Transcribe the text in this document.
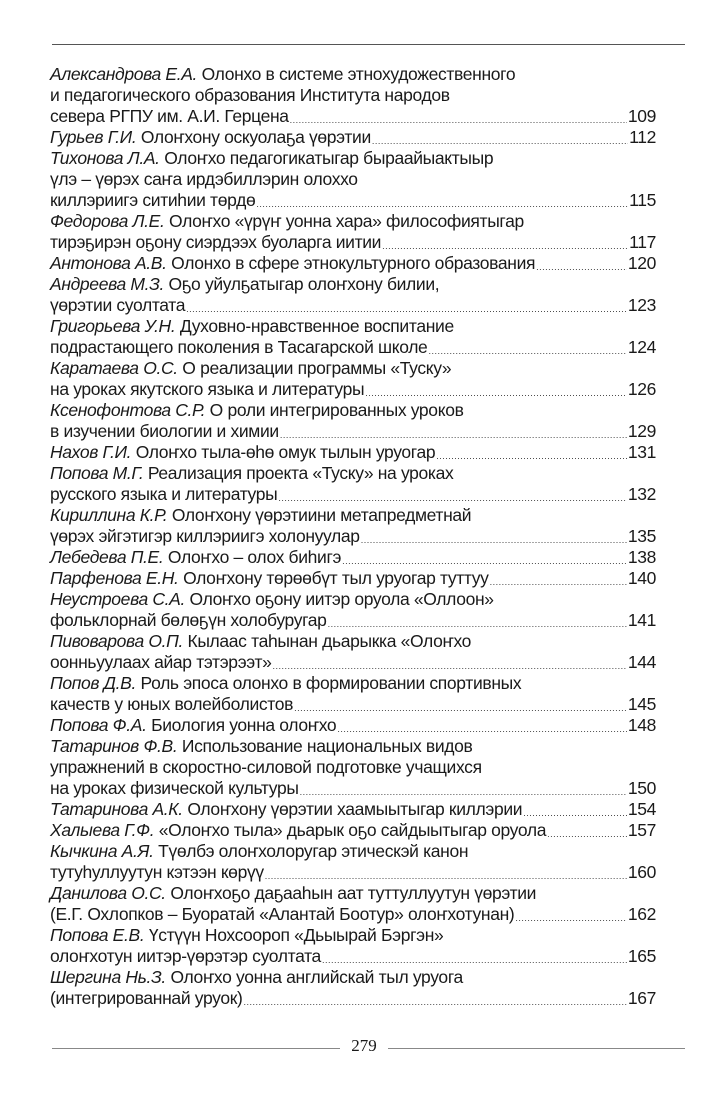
Александрова Е.А. Олонхо в системе этнохудожественного
и педагогического образования Института народов
севера РГПУ им. А.И. Герцена .....	109
Гурьев Г.И. Олоҥхону оскуолаҕа үөрэтии .....	112
Тихонова Л.А. Олоҥхо педагогикатыгар быраайыактыыр
үлэ – үөрэх саҥа ирдэбиллэрин олоххо
киллэриигэ ситиһии төрдө .....	115
Федорова Л.Е. Олоҥхо «үрүҥ уонна хара» философиятыгар
тирэҕирэн оҕону сиэрдээх буоларга иитии .....	117
Антонова А.В. Олонхо в сфере этнокультурного образования .....	120
Андреева М.З. Оҕо уйулҕатыгар олоҥхону билии,
үөрэтии суолтата .....	123
Григорьева У.Н. Духовно-нравственное воспитание
подрастающего поколения в Тасагарской школе .....	124
Каратаева О.С. О реализации программы «Туску»
на уроках якутского языка и литературы .....	126
Ксенофонтова С.Р. О роли интегрированных уроков
в изучении биологии и химии .....	129
Нахов Г.И. Олоҥхо тыла-өһө омук тылын уруогар .....	131
Попова М.Г. Реализация проекта «Туску» на уроках
русского языка и литературы .....	132
Кириллина К.Р. Олоҥхону үөрэтиини метапредметнай
үөрэх эйгэтигэр киллэриигэ холонуулар .....	135
Лебедева П.Е. Олоҥхо – олох биһигэ .....	138
Парфенова Е.Н. Олоҥхону төрөөбүт тыл уруогар туттуу .....	140
Неустроева С.А. Олоҥхо оҕону иитэр оруола «Оллоон»
фольклорнай бөлөҕүн холобуругар .....	141
Пивоварова О.П. Кылаас таһынан дьарыкка «Олоҥхо
оонньуулаах айар тэтэрээт» .....	144
Попов Д.В. Роль эпоса олонхо в формировании спортивных
качеств у юных волейболистов .....	145
Попова Ф.А. Биология уонна олоҥхо .....	148
Татаринов Ф.В. Использование национальных видов
упражнений в скоростно-силовой подготовке учащихся
на уроках физической культуры .....	150
Татаринова А.К. Олоҥхону үөрэтии хаамыытыгар киллэрии .....	154
Халыева Г.Ф. «Олоҥхо тыла» дьарык оҕо сайдыытыгар оруола .....	157
Кычкина А.Я. Түөлбэ олоҥхолоругар этическэй канон
тутуһуллуутун кэтээн көрүү .....	160
Данилова О.С. Олоҥхоҕо даҕааһын аат туттуллуутун үөрэтии
(Е.Г. Охлопков – Буоратай «Алантай Боотур» олоҥхотунан) .....	162
Попова Е.В. Үстүүн Нохсooроп «Дьыырай Бэргэн»
олоҥхотун иитэр-үөрэтэр суолтата .....	165
Шергина Нь.З. Олоҥхо уонна английскай тыл уруога
(интегрированнай уруок) .....	167
279
